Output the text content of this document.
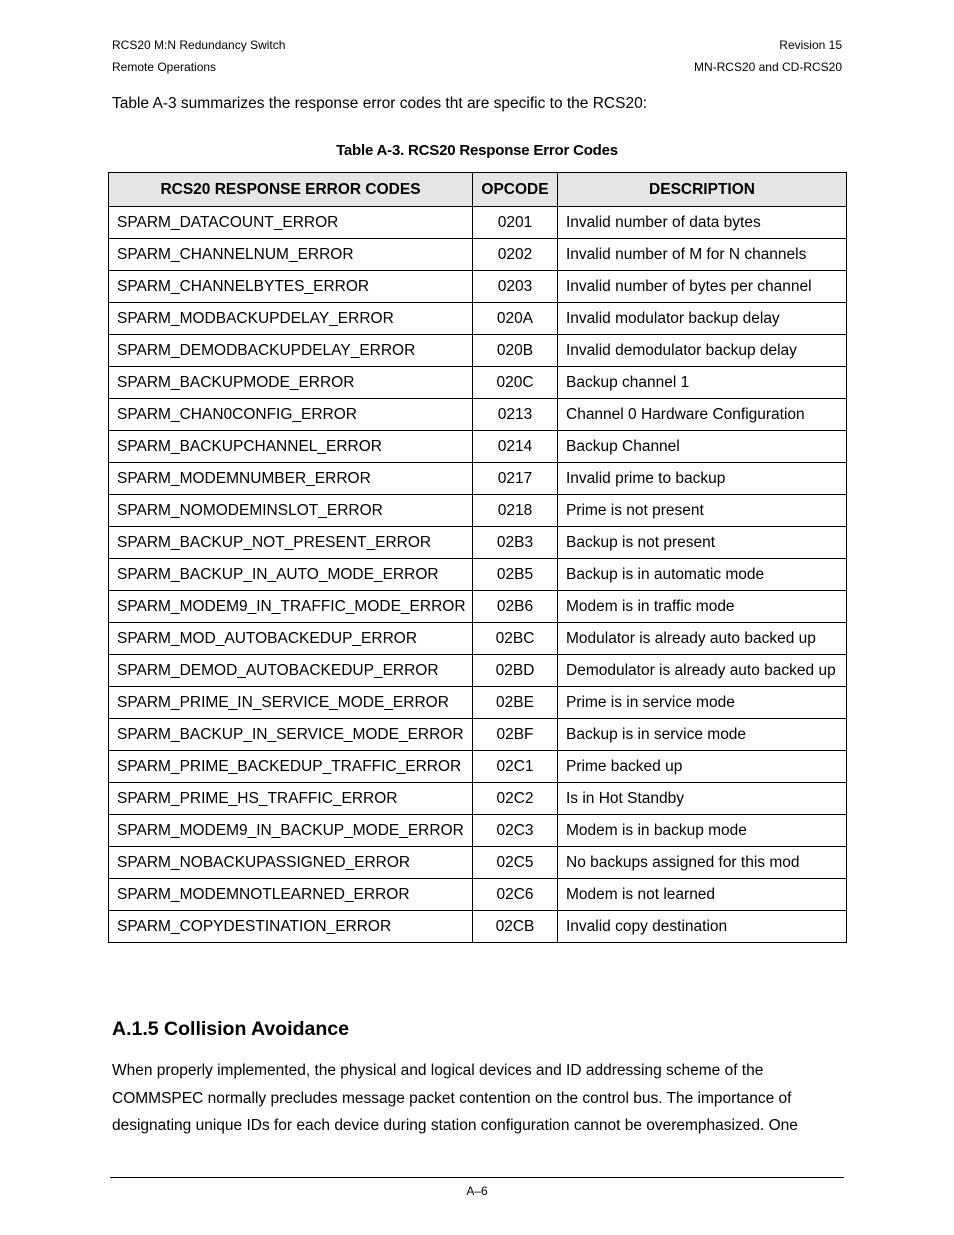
RCS20 M:N Redundancy Switch
Remote Operations
Revision 15
MN-RCS20 and CD-RCS20
Table A-3 summarizes the response error codes tht are specific to the RCS20:
Table A-3. RCS20 Response Error Codes
RCS20 RESPONSE ERROR CODES	OPCODE	DESCRIPTION
SPARM_DATACOUNT_ERROR	0201	Invalid number of data bytes
SPARM_CHANNELNUM_ERROR	0202	Invalid number of M for N channels
SPARM_CHANNELBYTES_ERROR	0203	Invalid number of bytes per channel
SPARM_MODBACKUPDELAY_ERROR	020A	Invalid modulator backup delay
SPARM_DEMODBACKUPDELAY_ERROR	020B	Invalid demodulator backup delay
SPARM_BACKUPMODE_ERROR	020C	Backup channel 1
SPARM_CHAN0CONFIG_ERROR	0213	Channel 0 Hardware Configuration
SPARM_BACKUPCHANNEL_ERROR	0214	Backup Channel
SPARM_MODEMNUMBER_ERROR	0217	Invalid prime to backup
SPARM_NOMODEMINSLOT_ERROR	0218	Prime is not present
SPARM_BACKUP_NOT_PRESENT_ERROR	02B3	Backup is not present
SPARM_BACKUP_IN_AUTO_MODE_ERROR	02B5	Backup is in automatic mode
SPARM_MODEM9_IN_TRAFFIC_MODE_ERROR	02B6	Modem is in traffic mode
SPARM_MOD_AUTOBACKEDUP_ERROR	02BC	Modulator is already auto backed up
SPARM_DEMOD_AUTOBACKEDUP_ERROR	02BD	Demodulator is already auto backed up
SPARM_PRIME_IN_SERVICE_MODE_ERROR	02BE	Prime is in service mode
SPARM_BACKUP_IN_SERVICE_MODE_ERROR	02BF	Backup is in service mode
SPARM_PRIME_BACKEDUP_TRAFFIC_ERROR	02C1	Prime backed up
SPARM_PRIME_HS_TRAFFIC_ERROR	02C2	Is in Hot Standby
SPARM_MODEM9_IN_BACKUP_MODE_ERROR	02C3	Modem is in backup mode
SPARM_NOBACKUPASSIGNED_ERROR	02C5	No backups assigned for this mod
SPARM_MODEMNOTLEARNED_ERROR	02C6	Modem is not learned
SPARM_COPYDESTINATION_ERROR	02CB	Invalid copy destination
A.1.5 Collision Avoidance
When properly implemented, the physical and logical devices and ID addressing scheme of the
COMMSPEC normally precludes message packet contention on the control bus. The importance of
designating unique IDs for each device during station configuration cannot be overemphasized. One
A–6
